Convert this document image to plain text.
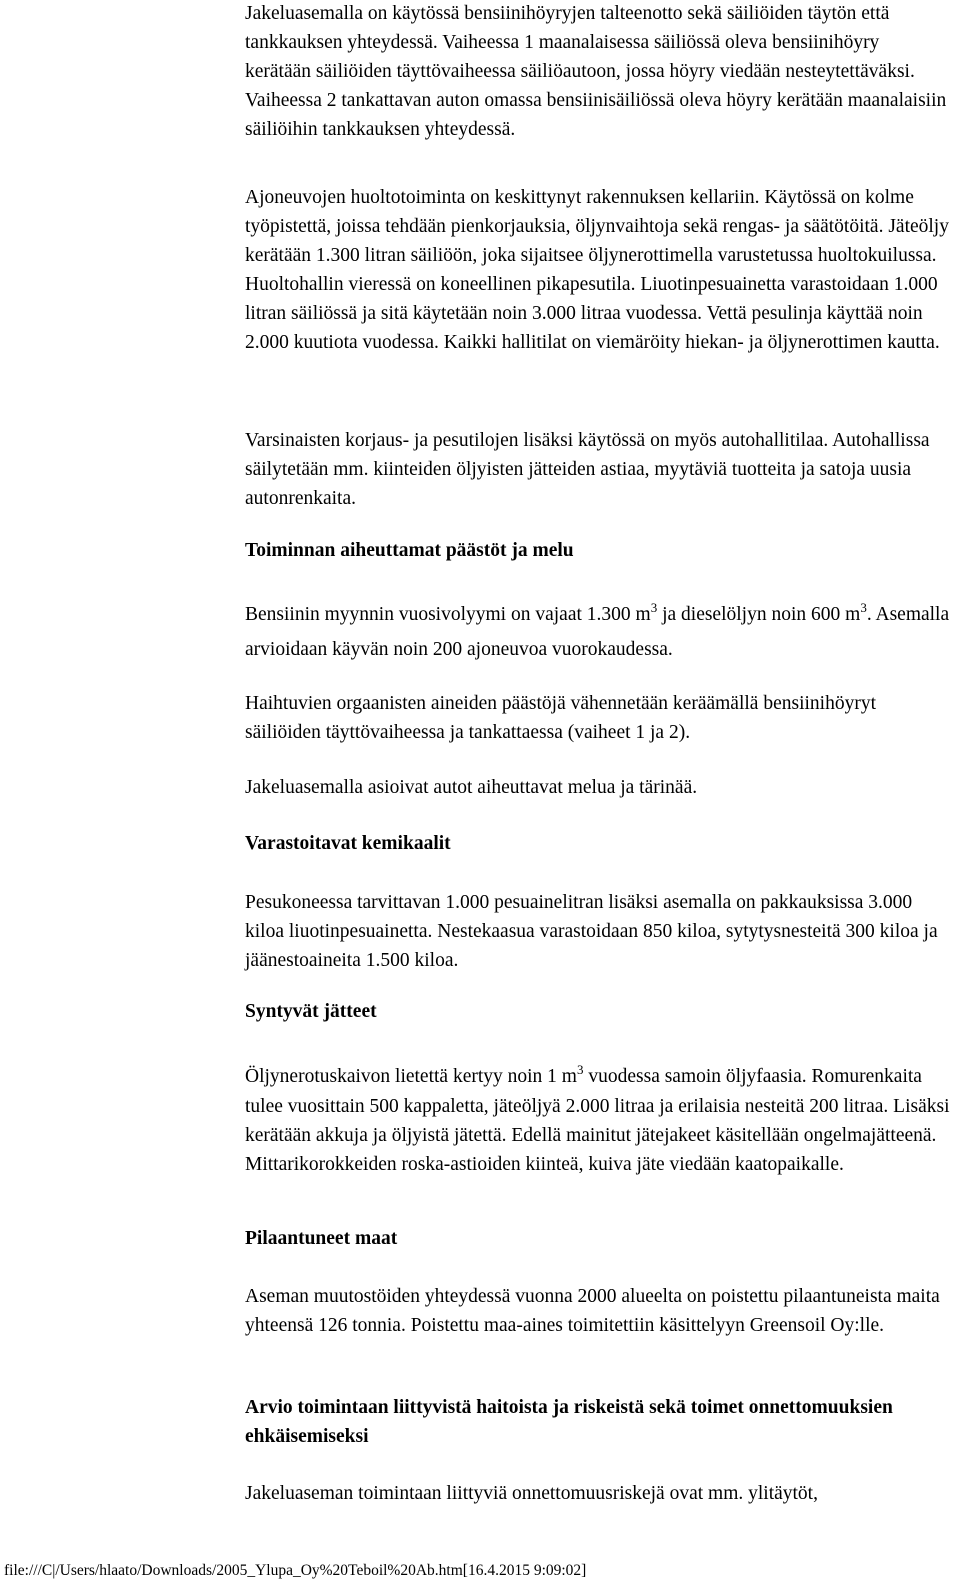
Jakeluasemalla on käytössä bensiinihöyryjen talteenotto sekä säiliöiden täytön että tankkauksen yhteydessä. Vaiheessa 1 maanalaisessa säiliössä oleva bensiinihöyry kerätään säiliöiden täyttövaiheessa säiliöautoon, jossa höyry viedään nesteytettäväksi. Vaiheessa 2 tankattavan auton omassa bensiinisäiliössä oleva höyry kerätään maanalaisiin säiliöihin tankkauksen yhteydessä.

Ajoneuvojen huoltotoiminta on keskittynyt rakennuksen kellariin. Käytössä on kolme työpistettä, joissa tehdään pienkorjauksia, öljynvaihtoja sekä rengas- ja säätötöitä. Jäteöljy kerätään 1.300 litran säiliöön, joka sijaitsee öljynerottimella varustetussa huoltokuilussa. Huoltohallin vieressä on koneellinen pikapesutila. Liuotinpesuainetta varastoidaan 1.000 litran säiliössä ja sitä käytetään noin 3.000 litraa vuodessa. Vettä pesulinja käyttää noin 2.000 kuutiota vuodessa. Kaikki hallitilat on viemäröity hiekan- ja öljynerottimen kautta.

Varsinaisten korjaus- ja pesutilojen lisäksi käytössä on myös autohallitilaa. Autohallissa säilytetään mm. kiinteiden öljyisten jätteiden astiaa, myytäviä tuotteita ja satoja uusia autonrenkaita.

Toiminnan aiheuttamat päästöt ja melu

Bensiinin myynnin vuosivolyymi on vajaat 1.300 $m^3$ ja dieselöljyn noin 600 $m^3$. Asemalla arvioidaan käyvän noin 200 ajoneuvoa vuorokaudessa.

Haihtuvien orgaanisten aineiden päästöjä vähennetään keräämällä bensiinihöyryt säiliöiden täyttövaiheessa ja tankattaessa (vaiheet 1 ja 2).

Jakeluasemalla asioivat autot aiheuttavat melua ja tärinää.

Varastoitavat kemikaalit

Pesukoneessa tarvittavan 1.000 pesuainelitran lisäksi asemalla on pakkauksissa 3.000 kiloa liuotinpesuainetta. Nestekaasua varastoidaan 850 kiloa, sytytysnesteitä 300 kiloa ja jäänestoaineita 1.500 kiloa.

Syntyvät jätteet

Öljynerotuskaivon lietettä kertyy noin 1 $m^3$ vuodessa samoin öljyfaasia. Romurenkaita tulee vuosittain 500 kappaletta, jäteöljyä 2.000 litraa ja erilaisia nesteitä 200 litraa. Lisäksi kerätään akkuja ja öljyistä jätettä. Edellä mainitut jätejakeet käsitellään ongelmajätteenä. Mittarikorokkeiden roska-astioiden kiinteä, kuiva jäte viedään kaatopaikalle.

Pilaantuneet maat

Aseman muutostöiden yhteydessä vuonna 2000 alueelta on poistettu pilaantuneista maita yhteensä 126 tonnia. Poistettu maa-aines toimitettiin käsittelyyn Greensoil Oy:lle.

Arvio toimintaan liittyvistä haitoista ja riskeistä sekä toimet onnettomuuksien ehkäisemiseksi

Jakeluaseman toimintaan liittyviä onnettomuusriskejä ovat mm. ylitäytöt,

file:///C|/Users/hlaato/Downloads/2005_Ylupa_Oy%20Teboil%20Ab.htm[16.4.2015 9:09:02]
